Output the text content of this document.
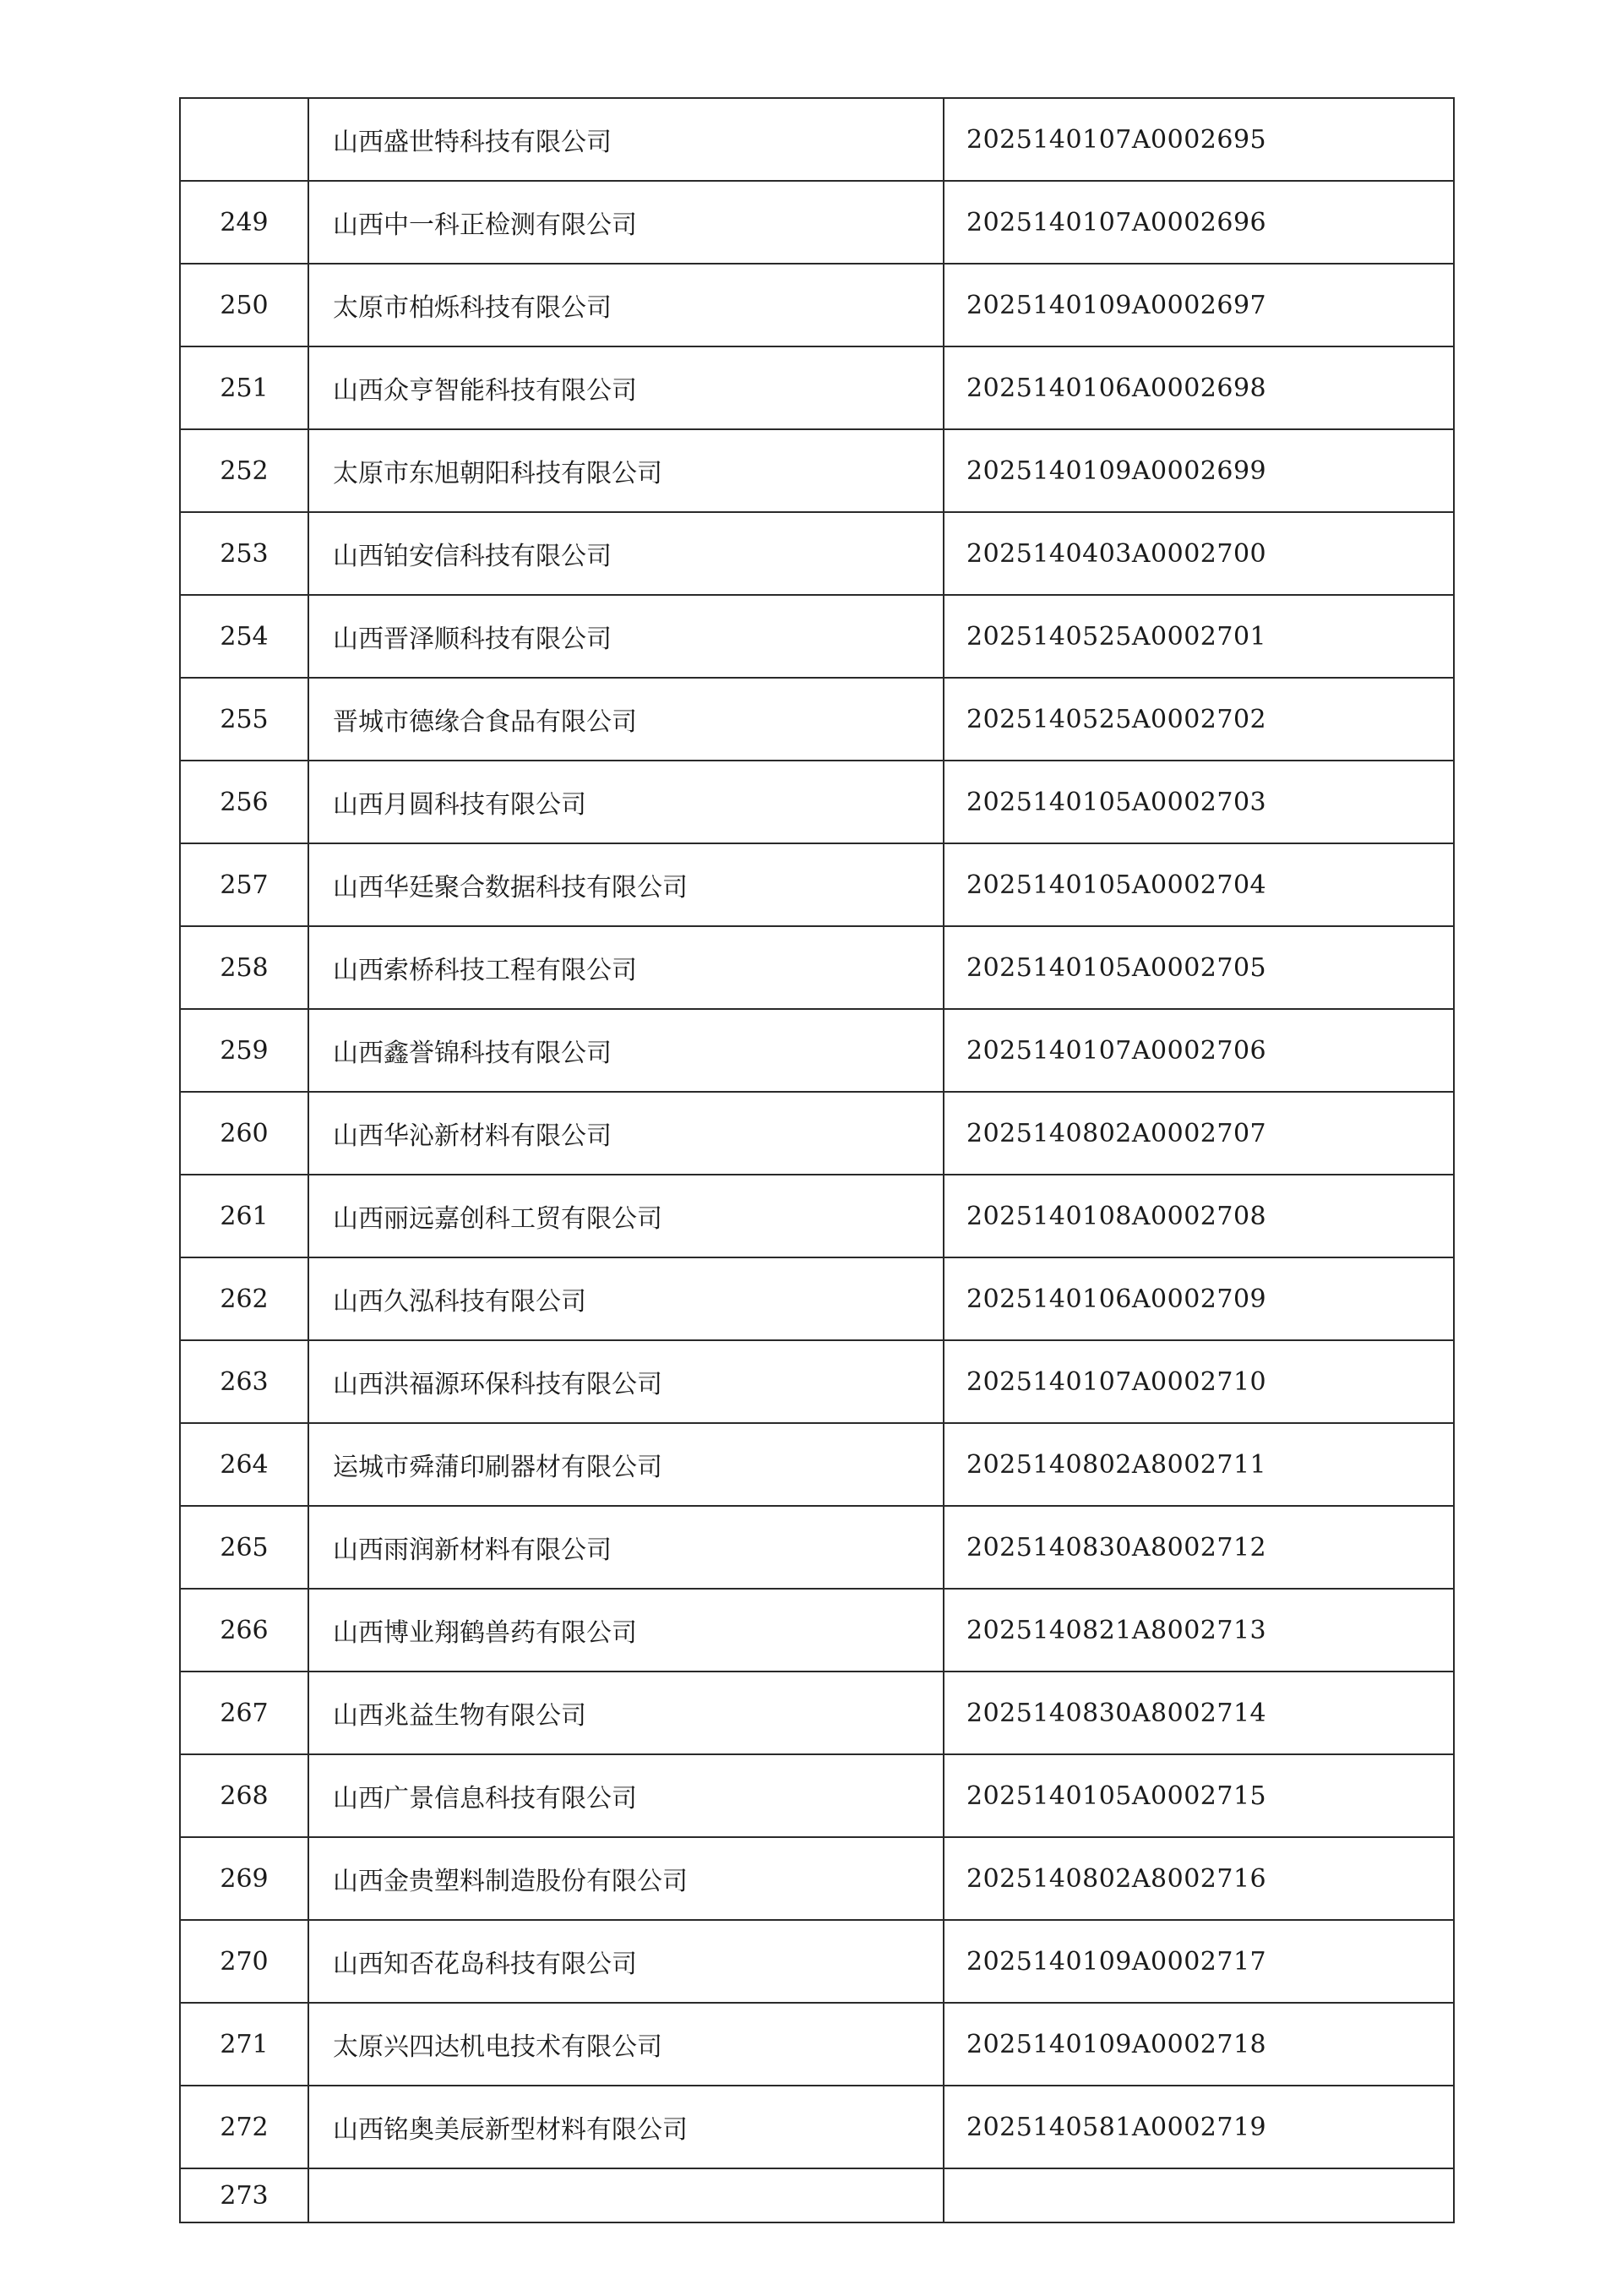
	山西盛世特科技有限公司	2025140107A0002695
249	山西中一科正检测有限公司	2025140107A0002696
250	太原市柏烁科技有限公司	2025140109A0002697
251	山西众亨智能科技有限公司	2025140106A0002698
252	太原市东旭朝阳科技有限公司	2025140109A0002699
253	山西铂安信科技有限公司	2025140403A0002700
254	山西晋泽顺科技有限公司	2025140525A0002701
255	晋城市德缘合食品有限公司	2025140525A0002702
256	山西月圆科技有限公司	2025140105A0002703
257	山西华廷聚合数据科技有限公司	2025140105A0002704
258	山西索桥科技工程有限公司	2025140105A0002705
259	山西鑫誉锦科技有限公司	2025140107A0002706
260	山西华沁新材料有限公司	2025140802A0002707
261	山西丽远嘉创科工贸有限公司	2025140108A0002708
262	山西久泓科技有限公司	2025140106A0002709
263	山西洪福源环保科技有限公司	2025140107A0002710
264	运城市舜蒲印刷器材有限公司	2025140802A8002711
265	山西雨润新材料有限公司	2025140830A8002712
266	山西博业翔鹤兽药有限公司	2025140821A8002713
267	山西兆益生物有限公司	2025140830A8002714
268	山西广景信息科技有限公司	2025140105A0002715
269	山西金贵塑料制造股份有限公司	2025140802A8002716
270	山西知否花岛科技有限公司	2025140109A0002717
271	太原兴四达机电技术有限公司	2025140109A0002718
272	山西铭奥美辰新型材料有限公司	2025140581A0002719
273		
